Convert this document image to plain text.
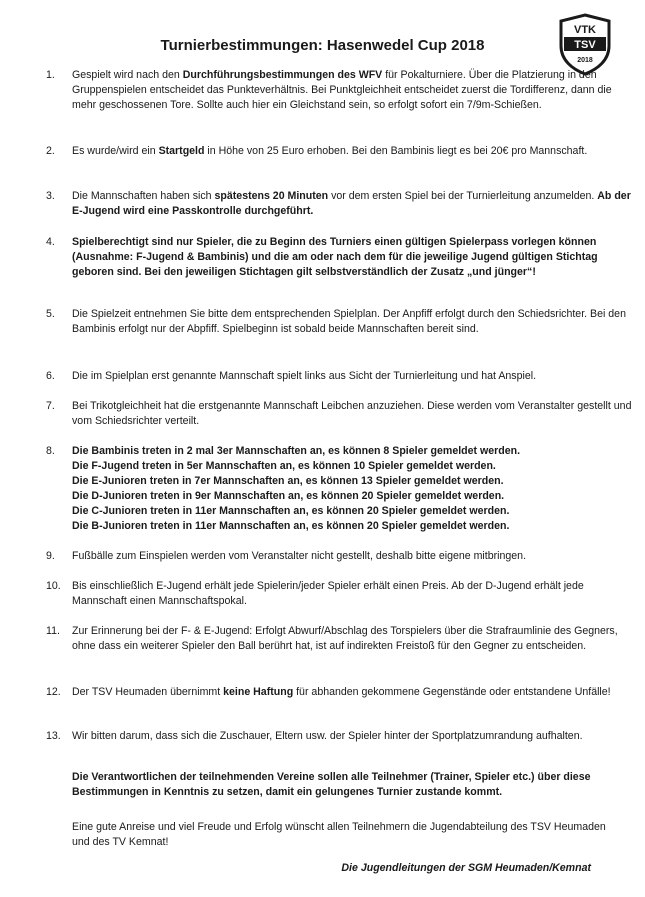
Turnierbestimmungen: Hasenwedel Cup 2018
VTK
TSV
2018
1. Gespielt wird nach den Durchführungsbestimmungen des WFV für Pokalturniere. Über die Platzierung in den Gruppenspielen entscheidet das Punkteverhältnis. Bei Punktgleichheit entscheidet zuerst die Tordifferenz, dann die mehr geschossenen Tore. Sollte auch hier ein Gleichstand sein, so erfolgt sofort ein 7/9m-Schießen.
2. Es wurde/wird ein Startgeld in Höhe von 25 Euro erhoben. Bei den Bambinis liegt es bei 20€ pro Mannschaft.
3. Die Mannschaften haben sich spätestens 20 Minuten vor dem ersten Spiel bei der Turnierleitung anzumelden. Ab der E-Jugend wird eine Passkontrolle durchgeführt.
4. Spielberechtigt sind nur Spieler, die zu Beginn des Turniers einen gültigen Spielerpass vorlegen können (Ausnahme: F-Jugend & Bambinis) und die am oder nach dem für die jeweilige Jugend gültigen Stichtag geboren sind. Bei den jeweiligen Stichtagen gilt selbstverständlich der Zusatz „und jünger“!
5. Die Spielzeit entnehmen Sie bitte dem entsprechenden Spielplan. Der Anpfiff erfolgt durch den Schiedsrichter. Bei den Bambinis erfolgt nur der Abpfiff. Spielbeginn ist sobald beide Mannschaften bereit sind.
6. Die im Spielplan erst genannte Mannschaft spielt links aus Sicht der Turnierleitung und hat Anspiel.
7. Bei Trikotgleichheit hat die erstgenannte Mannschaft Leibchen anzuziehen. Diese werden vom Veranstalter gestellt und vom Schiedsrichter verteilt.
8. Die Bambinis treten in 2 mal 3er Mannschaften an, es können 8 Spieler gemeldet werden.
Die F-Jugend treten in 5er Mannschaften an, es können 10 Spieler gemeldet werden.
Die E-Junioren treten in 7er Mannschaften an, es können 13 Spieler gemeldet werden.
Die D-Junioren treten in 9er Mannschaften an, es können 20 Spieler gemeldet werden.
Die C-Junioren treten in 11er Mannschaften an, es können 20 Spieler gemeldet werden.
Die B-Junioren treten in 11er Mannschaften an, es können 20 Spieler gemeldet werden.
9. Fußbälle zum Einspielen werden vom Veranstalter nicht gestellt, deshalb bitte eigene mitbringen.
10. Bis einschließlich E-Jugend erhält jede Spielerin/jeder Spieler erhält einen Preis. Ab der D-Jugend erhält jede Mannschaft einen Mannschaftspokal.
11. Zur Erinnerung bei der F- & E-Jugend: Erfolgt Abwurf/Abschlag des Torspielers über die Strafraumlinie des Gegners, ohne dass ein weiterer Spieler den Ball berührt hat, ist auf indirekten Freistoß für den Gegner zu entscheiden.
12. Der TSV Heumaden übernimmt keine Haftung für abhanden gekommene Gegenstände oder entstandene Unfälle!
13. Wir bitten darum, dass sich die Zuschauer, Eltern usw. der Spieler hinter der Sportplatzumrandung aufhalten.
Die Verantwortlichen der teilnehmenden Vereine sollen alle Teilnehmer (Trainer, Spieler etc.) über diese Bestimmungen in Kenntnis zu setzen, damit ein gelungenes Turnier zustande kommt.
Eine gute Anreise und viel Freude und Erfolg wünscht allen Teilnehmern die Jugendabteilung des TSV Heumaden und des TV Kemnat!
Die Jugendleitungen der SGM Heumaden/Kemnat
